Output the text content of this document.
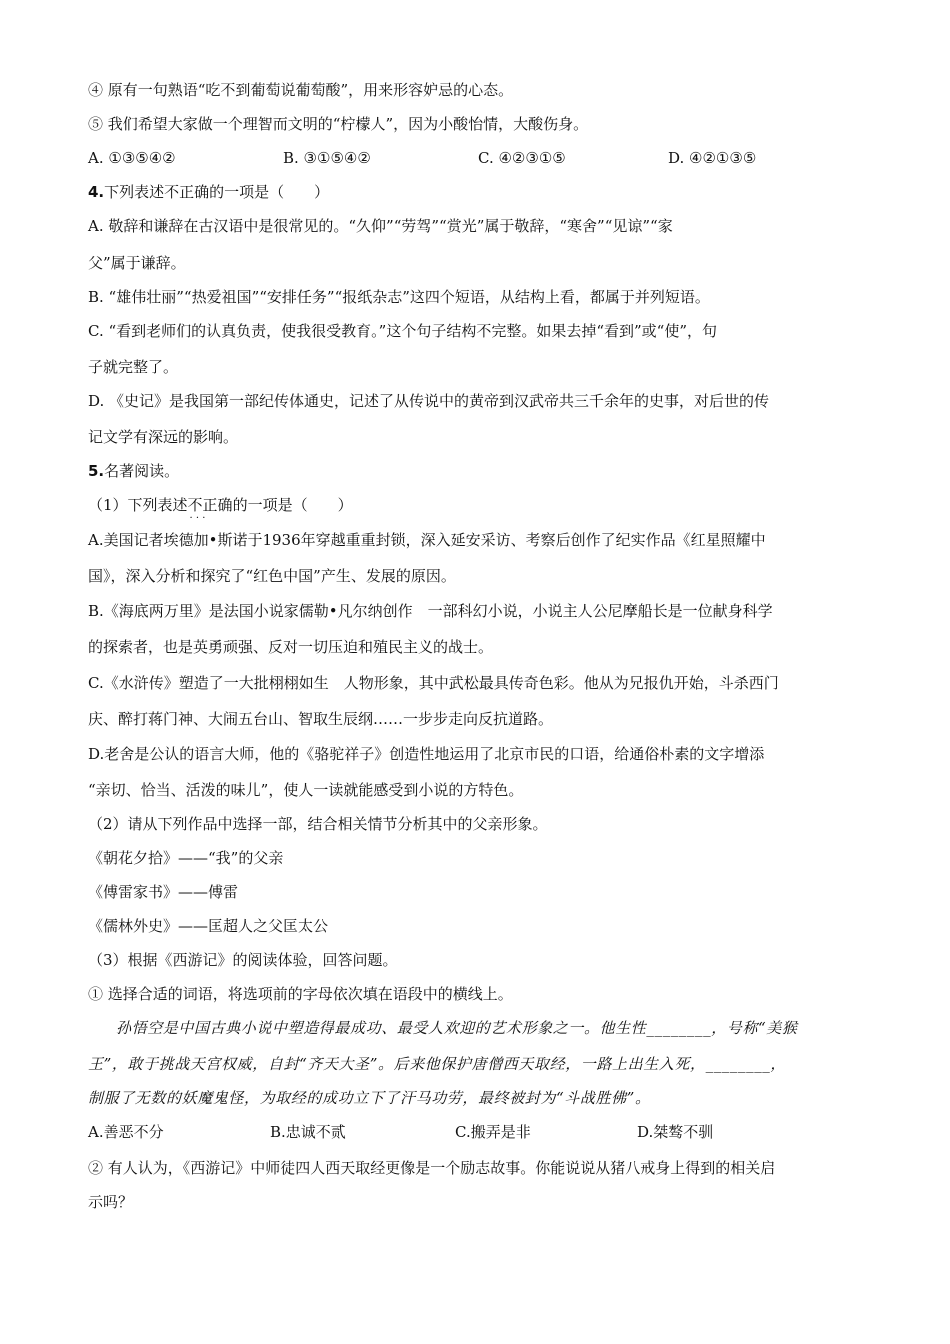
④ 原有一句熟语“吃不到葡萄说葡萄酸”，用来形容妒忌的心态。
⑤ 我们希望大家做一个理智而文明的“柠檬人”，因为小酸怡情，大酸伤身。
A. ①③⑤④②	B. ③①⑤④②	C. ④②③①⑤	D. ④②①③⑤
4.下列表述不正确的一项是（　　）
A. 敬辞和谦辞在古汉语中是很常见的。“久仰”“劳驾”“赏光”属于敬辞，“寒舍”“见谅”“家
父”属于谦辞。
B. “雄伟壮丽”“热爱祖国”“安排任务”“报纸杂志”这四个短语，从结构上看，都属于并列短语。
C. “看到老师们的认真负责，使我很受教育。”这个句子结构不完整。如果去掉“看到”或“使”，句
子就完整了。
D. 《史记》是我国第一部纪传体通史，记述了从传说中的黄帝到汉武帝共三千余年的史事，对后世的传
记文学有深远的影响。
5.名著阅读。
（1）下列表述不正确 · · ·的一项是（　　）
A.美国记者埃德加•斯诺于1936年穿越重重封锁，深入延安采访、考察后创作了纪实作品《红星照耀中
国》，深入分析和探究了“红色中国”产生、发展的原因。
B.《海底两万里》是法国小说家儒勒•凡尔纳创作　一部科幻小说，小说主人公尼摩船长是一位献身科学
的探索者，也是英勇顽强、反对一切压迫和殖民主义的战士。
C.《水浒传》塑造了一大批栩栩如生　人物形象，其中武松最具传奇色彩。他从为兄报仇开始，斗杀西门
庆、醉打蒋门神、大闹五台山、智取生辰纲……一步步走向反抗道路。
D.老舍是公认的语言大师，他的《骆驼祥子》创造性地运用了北京市民的口语，给通俗朴素的文字增添
“亲切、恰当、活泼的味儿”，使人一读就能感受到小说的方特色。
（2）请从下列作品中选择一部，结合相关情节分析其中的父亲形象。
《朝花夕拾》——“我”的父亲
《傅雷家书》——傅雷
《儒林外史》——匡超人之父匡太公
（3）根据《西游记》的阅读体验，回答问题。
① 选择合适的词语，将选项前的字母依次填在语段中的横线上。
孙悟空是中国古典小说中塑造得最成功、最受人欢迎的艺术形象之一。他生性________，号称“美猴
王”，敢于挑战天宫权威，自封“齐天大圣”。后来他保护唐僧西天取经，一路上出生入死，________，
制服了无数的妖魔鬼怪，为取经的成功立下了汗马功劳，最终被封为“斗战胜佛”。
A.善恶不分	B.忠诚不贰	C.搬弄是非	D.桀骜不驯
② 有人认为，《西游记》中师徒四人西天取经更像是一个励志故事。你能说说从猪八戒身上得到的相关启
示吗？
